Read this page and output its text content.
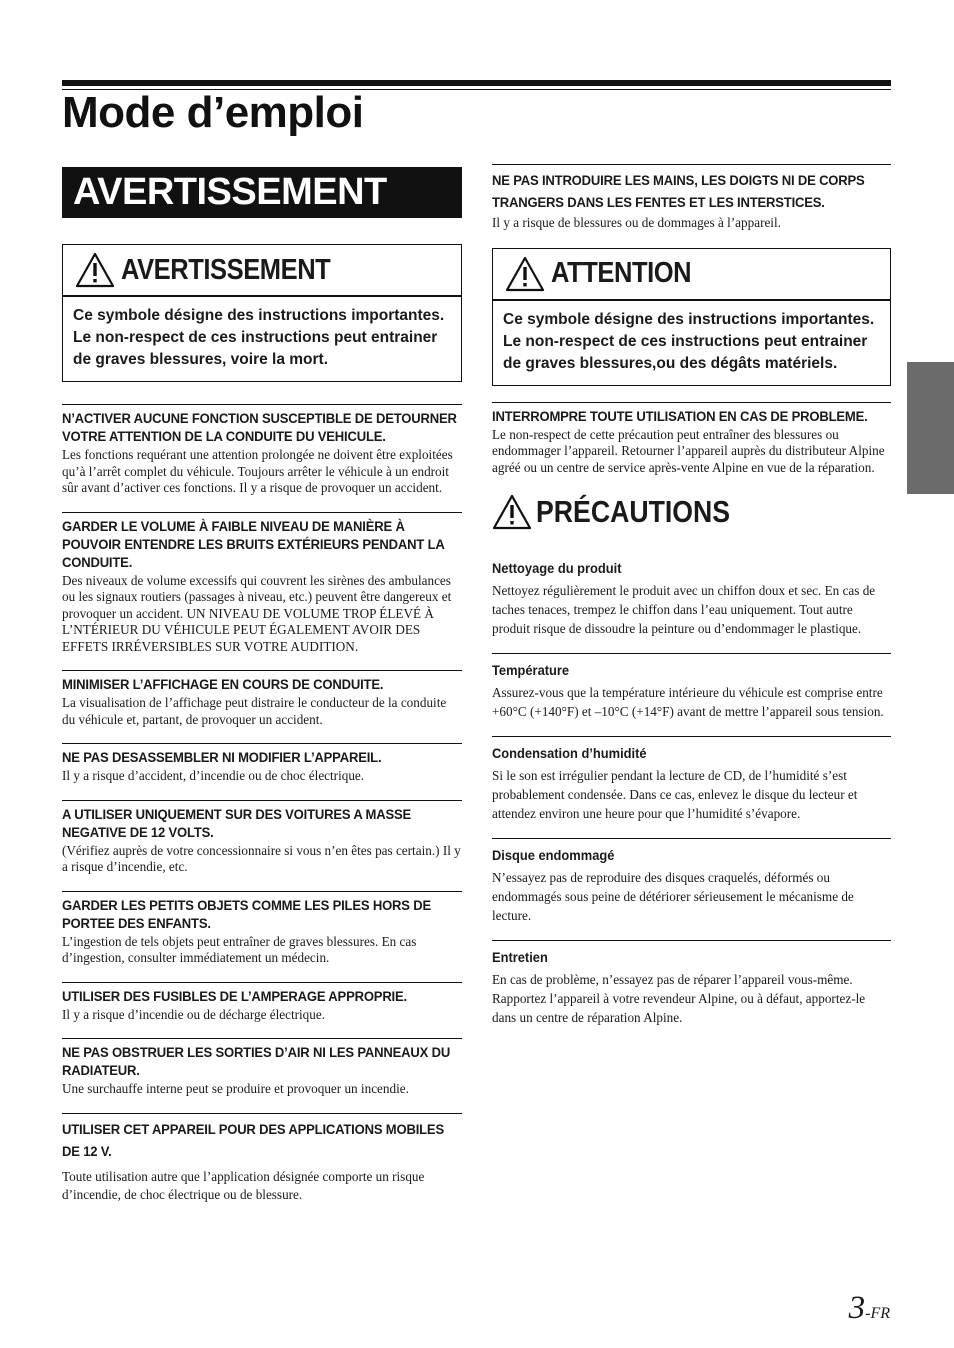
Mode d’emploi
AVERTISSEMENT
AVERTISSEMENT
Ce symbole désigne des instructions importantes. Le non-respect de ces instructions peut entrainer de graves blessures, voire la mort.
N’ACTIVER AUCUNE FONCTION SUSCEPTIBLE DE DETOURNER VOTRE ATTENTION DE LA CONDUITE DU VEHICULE.
Les fonctions requérant une attention prolongée ne doivent être exploitées qu’à l’arrêt complet du véhicule. Toujours arrêter le véhicule à un endroit sûr avant d’activer ces fonctions. Il y a risque de provoquer un accident.
GARDER LE VOLUME À FAIBLE NIVEAU DE MANIÈRE À POUVOIR ENTENDRE LES BRUITS EXTÉRIEURS PENDANT LA CONDUITE.
Des niveaux de volume excessifs qui couvrent les sirènes des ambulances ou les signaux routiers (passages à niveau, etc.) peuvent être dangereux et provoquer un accident. UN NIVEAU DE VOLUME TROP ÉLEVÉ À L’NTÉRIEUR DU VÉHICULE PEUT ÉGALEMENT AVOIR DES EFFETS IRRÉVERSIBLES SUR VOTRE AUDITION.
MINIMISER L’AFFICHAGE EN COURS DE CONDUITE.
La visualisation de l’affichage peut distraire le conducteur de la conduite du véhicule et, partant, de provoquer un accident.
NE PAS DESASSEMBLER NI MODIFIER L’APPAREIL.
Il y a risque d’accident, d’incendie ou de choc électrique.
A UTILISER UNIQUEMENT SUR DES VOITURES A MASSE NEGATIVE DE 12 VOLTS.
(Vérifiez auprès de votre concessionnaire si vous n’en êtes pas certain.) Il y a risque d’incendie, etc.
GARDER LES PETITS OBJETS COMME LES PILES HORS DE PORTEE DES ENFANTS.
L’ingestion de tels objets peut entraîner de graves blessures. En cas d’ingestion, consulter immédiatement un médecin.
UTILISER DES FUSIBLES DE L’AMPERAGE APPROPRIE.
Il y a risque d’incendie ou de décharge électrique.
NE PAS OBSTRUER LES SORTIES D’AIR NI LES PANNEAUX DU RADIATEUR.
Une surchauffe interne peut se produire et provoquer un incendie.
UTILISER CET APPAREIL POUR DES APPLICATIONS MOBILES DE 12 V.
Toute utilisation autre que l’application désignée comporte un risque d’incendie, de choc électrique ou de blessure.
NE PAS INTRODUIRE LES MAINS, LES DOIGTS NI DE CORPS TRANGERS DANS LES FENTES ET LES INTERSTICES.
Il y a risque de blessures ou de dommages à l’appareil.
ATTENTION
Ce symbole désigne des instructions importantes. Le non-respect de ces instructions peut entrainer de graves blessures,ou des dégâts matériels.
INTERROMPRE TOUTE UTILISATION EN CAS DE PROBLEME.
Le non-respect de cette précaution peut entraîner des blessures ou endommager l’appareil. Retourner l’appareil auprès du distributeur Alpine agréé ou un centre de service après-vente Alpine en vue de la réparation.
PRÉCAUTIONS
Nettoyage du produit
Nettoyez régulièrement le produit avec un chiffon doux et sec. En cas de taches tenaces, trempez le chiffon dans l’eau uniquement. Tout autre produit risque de dissoudre la peinture ou d’endommager le plastique.
Température
Assurez-vous que la température intérieure du véhicule est comprise entre +60°C (+140°F) et –10°C (+14°F) avant de mettre l’appareil sous tension.
Condensation d’humidité
Si le son est irrégulier pendant la lecture de CD, de l’humidité s’est probablement condensée. Dans ce cas, enlevez le disque du lecteur et attendez environ une heure pour que l’humidité s’évapore.
Disque endommagé
N’essayez pas de reproduire des disques craquelés, déformés ou endommagés sous peine de détériorer sérieusement le mécanisme de lecture.
Entretien
En cas de problème, n’essayez pas de réparer l’appareil vous-même. Rapportez l’appareil à votre revendeur Alpine, ou à défaut, apportez-le dans un centre de réparation Alpine.
3-FR
